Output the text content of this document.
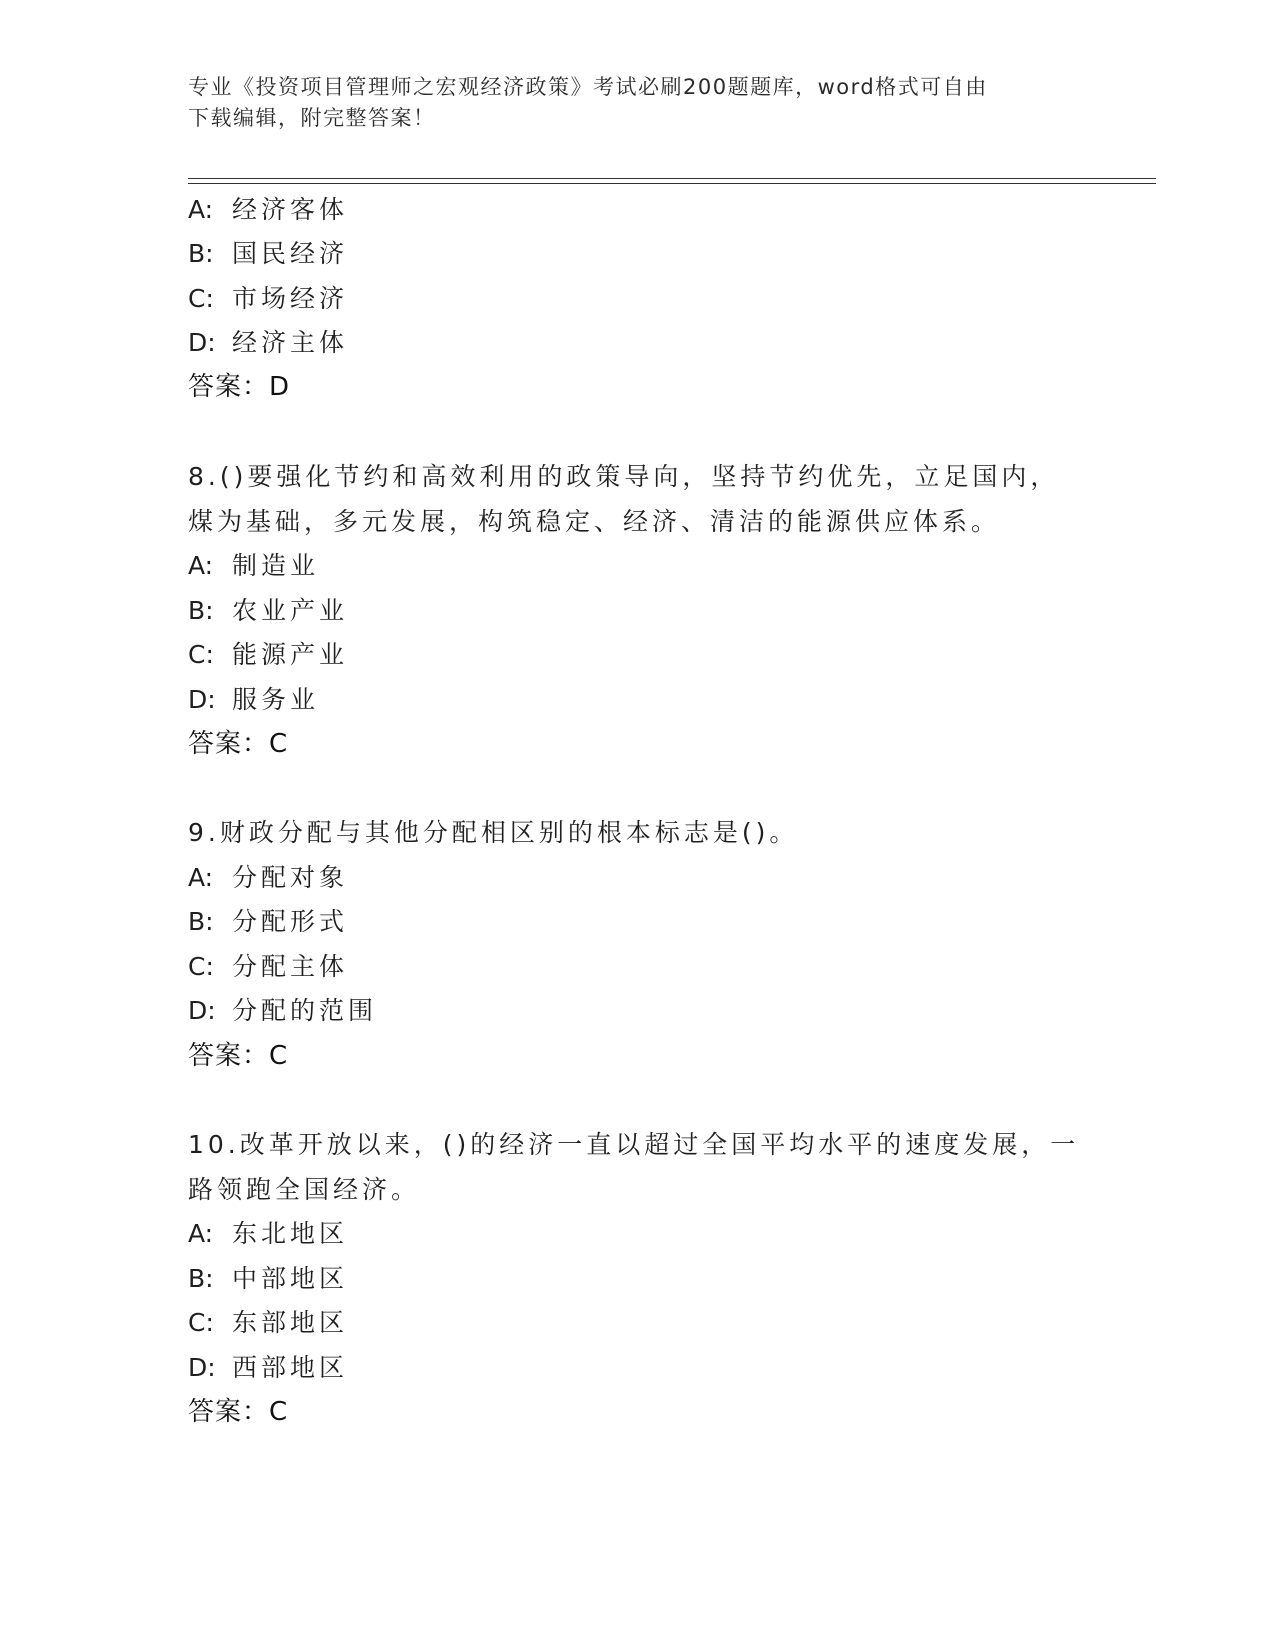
专业《投资项目管理师之宏观经济政策》考试必刷200题题库，word格式可自由
下载编辑，附完整答案！
A: 经济客体
B: 国民经济
C: 市场经济
D: 经济主体
答案：D
8.()要强化节约和高效利用的政策导向，坚持节约优先，立足国内，
煤为基础，多元发展，构筑稳定、经济、清洁的能源供应体系。
A: 制造业
B: 农业产业
C: 能源产业
D: 服务业
答案：C
9.财政分配与其他分配相区别的根本标志是()。
A: 分配对象
B: 分配形式
C: 分配主体
D: 分配的范围
答案：C
10.改革开放以来，()的经济一直以超过全国平均水平的速度发展，一
路领跑全国经济。
A: 东北地区
B: 中部地区
C: 东部地区
D: 西部地区
答案：C
